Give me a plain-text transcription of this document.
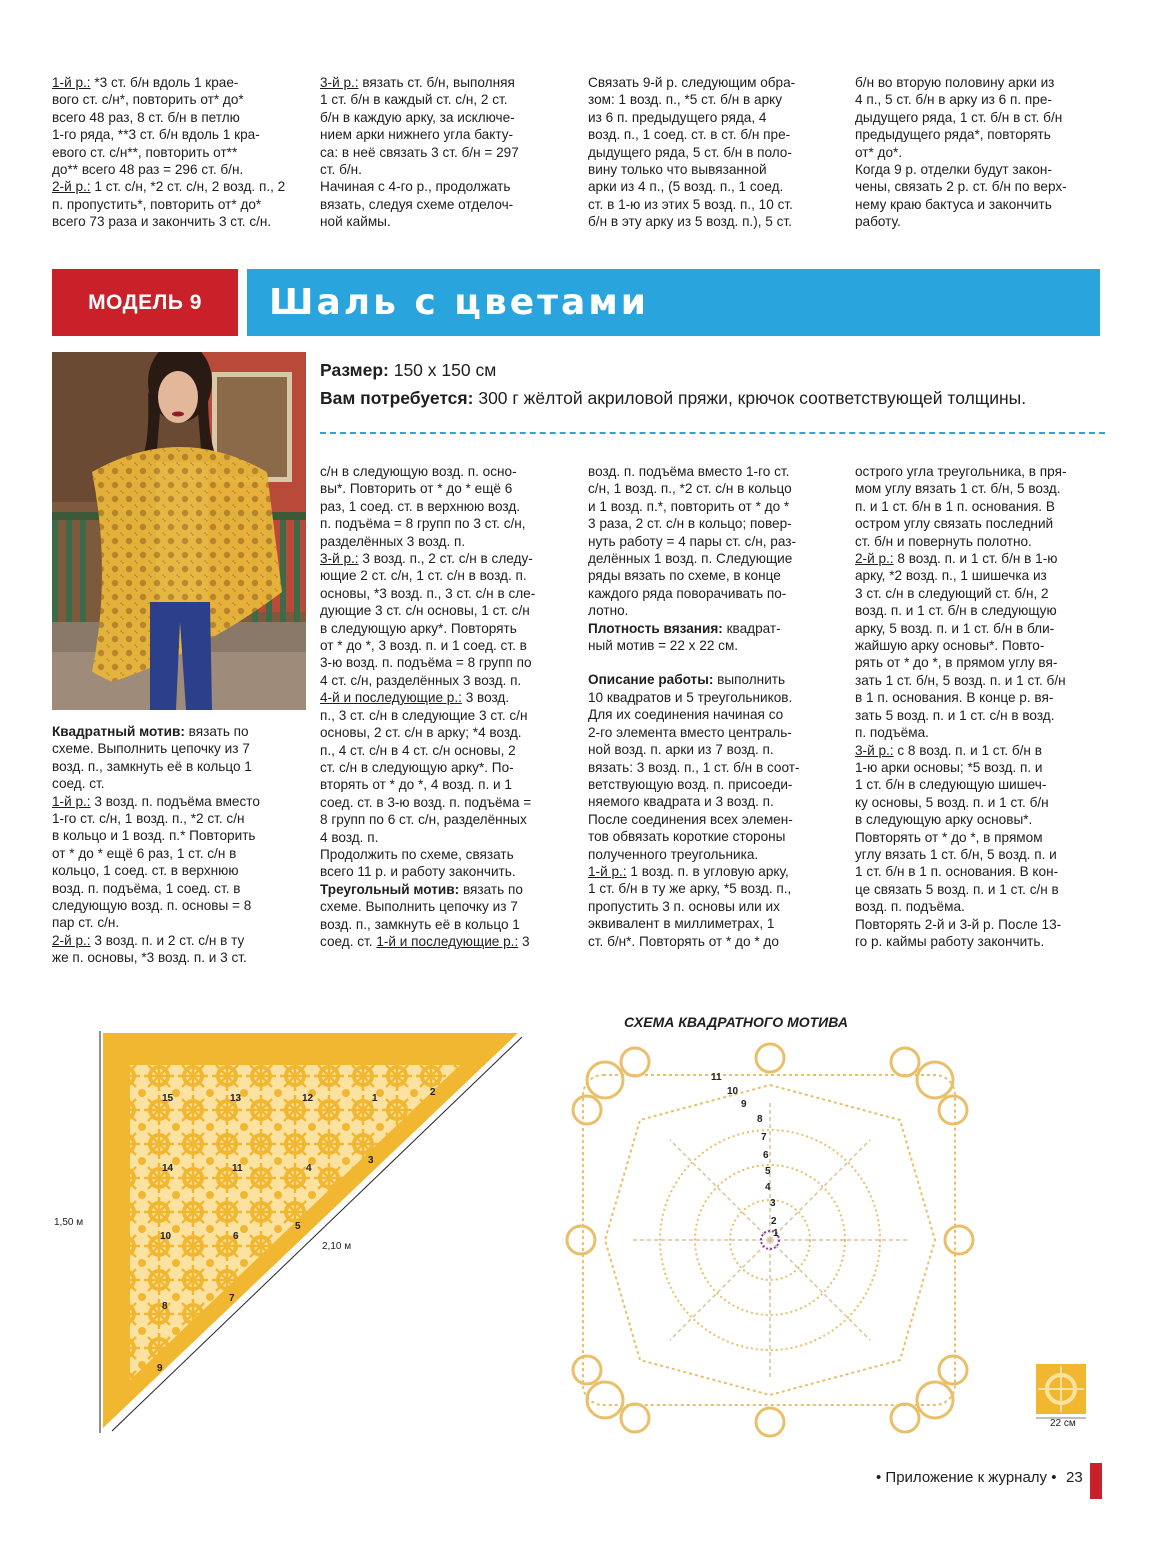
1-й р.: *3 ст. б/н вдоль 1 крае-

вого ст. с/н*, повторить от* до*

всего 48 раз, 8 ст. б/н в петлю

1-го ряда, **3 ст. б/н вдоль 1 кра-

евого ст. с/н**, повторить от**

до** всего 48 раз = 296 ст. б/н.

2-й р.: 1 ст. с/н, *2 ст. с/н, 2 возд. п., 2

п. пропустить*, повторить от* до*

всего 73 раза и закончить 3 ст. с/н.

3-й р.: вязать ст. б/н, выполняя

1 ст. б/н в каждый ст. с/н, 2 ст.

б/н в каждую арку, за исключе-

нием арки нижнего угла бакту-

са: в неё связать 3 ст. б/н = 297

ст. б/н.

Начиная с 4-го р., продолжать

вязать, следуя схеме отделоч-

ной каймы.

Связать 9-й р. следующим обра-

зом: 1 возд. п., *5 ст. б/н в арку

из 6 п. предыдущего ряда, 4

возд. п., 1 соед. ст. в ст. б/н пре-

дыдущего ряда, 5 ст. б/н в поло-

вину только что вывязанной

арки из 4 п., (5 возд. п., 1 соед.

ст. в 1-ю из этих 5 возд. п., 10 ст.

б/н в эту арку из 5 возд. п.), 5 ст.

б/н во вторую половину арки из

4 п., 5 ст. б/н в арку из 6 п. пре-

дыдущего ряда, 1 ст. б/н в ст. б/н

предыдущего ряда*, повторять

от* до*.

Когда 9 р. отделки будут закон-

чены, связать 2 р. ст. б/н по верх-

нему краю бактуса и закончить

работу.

МОДЕЛЬ 9	Шаль с цветами
Размер: 150 х 150 см
Вам потребуется: 300 г жёлтой акриловой пряжи, крючок соответствующей толщины.

Квадратный мотив: вязать по

схеме. Выполнить цепочку из 7

возд. п., замкнуть её в кольцо 1

соед. ст.

1-й р.: 3 возд. п. подъёма вместо

1-го ст. с/н, 1 возд. п., *2 ст. с/н

в кольцо и 1 возд. п.* Повторить

от * до * ещё 6 раз, 1 ст. с/н в

кольцо, 1 соед. ст. в верхнюю

возд. п. подъёма, 1 соед. ст. в

следующую возд. п. основы = 8

пар ст. с/н.

2-й р.: 3 возд. п. и 2 ст. с/н в ту

же п. основы, *3 возд. п. и 3 ст.

с/н в следующую возд. п. осно-

вы*. Повторить от * до * ещё 6

раз, 1 соед. ст. в верхнюю возд.

п. подъёма = 8 групп по 3 ст. с/н,

разделённых 3 возд. п.

3-й р.: 3 возд. п., 2 ст. с/н в следу-

ющие 2 ст. с/н, 1 ст. с/н в возд. п.

основы, *3 возд. п., 3 ст. с/н в сле-

дующие 3 ст. с/н основы, 1 ст. с/н

в следующую арку*. Повторять

от * до *, 3 возд. п. и 1 соед. ст. в

3-ю возд. п. подъёма = 8 групп по

4 ст. с/н, разделённых 3 возд. п.

4-й и последующие р.: 3 возд.

п., 3 ст. с/н в следующие 3 ст. с/н

основы, 2 ст. с/н в арку; *4 возд.

п., 4 ст. с/н в 4 ст. с/н основы, 2

ст. с/н в следующую арку*. По-

вторять от * до *, 4 возд. п. и 1

соед. ст. в 3-ю возд. п. подъёма =

8 групп по 6 ст. с/н, разделённых

4 возд. п.

Продолжить по схеме, связать

всего 11 р. и работу закончить.

Треугольный мотив: вязать по

схеме. Выполнить цепочку из 7

возд. п., замкнуть её в кольцо 1

соед. ст. 1-й и последующие р.: 3

возд. п. подъёма вместо 1-го ст.

с/н, 1 возд. п., *2 ст. с/н в кольцо

и 1 возд. п.*, повторить от * до *

3 раза, 2 ст. с/н в кольцо; повер-

нуть работу = 4 пары ст. с/н, раз-

делённых 1 возд. п. Следующие

ряды вязать по схеме, в конце

каждого ряда поворачивать по-

лотно.

Плотность вязания: квадрат-

ный мотив = 22 х 22 см.

Описание работы: выполнить

10 квадратов и 5 треугольников.

Для их соединения начиная со

2-го элемента вместо централь-

ной возд. п. арки из 7 возд. п.

вязать: 3 возд. п., 1 ст. б/н в соот-

ветствующую возд. п. присоеди-

няемого квадрата и 3 возд. п.

После соединения всех элемен-

тов обвязать короткие стороны

полученного треугольника.

1-й р.: 1 возд. п. в угловую арку,

1 ст. б/н в ту же арку, *5 возд. п.,

пропустить 3 п. основы или их

эквивалент в миллиметрах, 1

ст. б/н*. Повторять от * до * до

острого угла треугольника, в пря-

мом углу вязать 1 ст. б/н, 5 возд.

п. и 1 ст. б/н в 1 п. основания. В

остром углу связать последний

ст. б/н и повернуть полотно.

2-й р.: 8 возд. п. и 1 ст. б/н в 1-ю

арку, *2 возд. п., 1 шишечка из

3 ст. с/н в следующий ст. б/н, 2

возд. п. и 1 ст. б/н в следующую

арку, 5 возд. п. и 1 ст. б/н в бли-

жайшую арку основы*. Повто-

рять от * до *, в прямом углу вя-

зать 1 ст. б/н, 5 возд. п. и 1 ст. б/н

в 1 п. основания. В конце р. вя-

зать 5 возд. п. и 1 ст. с/н в возд.

п. подъёма.

3-й р.: с 8 возд. п. и 1 ст. б/н в

1-ю арки основы; *5 возд. п. и

1 ст. б/н в следующую шишеч-

ку основы, 5 возд. п. и 1 ст. б/н

в следующую арку основы*.

Повторять от * до *, в прямом

углу вязать 1 ст. б/н, 5 возд. п. и

1 ст. б/н в 1 п. основания. В кон-

це связать 5 возд. п. и 1 ст. с/н в

возд. п. подъёма.

Повторять 2-й и 3-й р. После 13-

го р. каймы работу закончить.

1,50 м
2,10 м
15	13	12	1
2
14	11	4
3
10	6
5
8
7
9
СХЕМА КВАДРАТНОГО МОТИВА
11
10
9
8
7
6
5
4
3
2
1
22 см
• Приложение к журналу • 23
